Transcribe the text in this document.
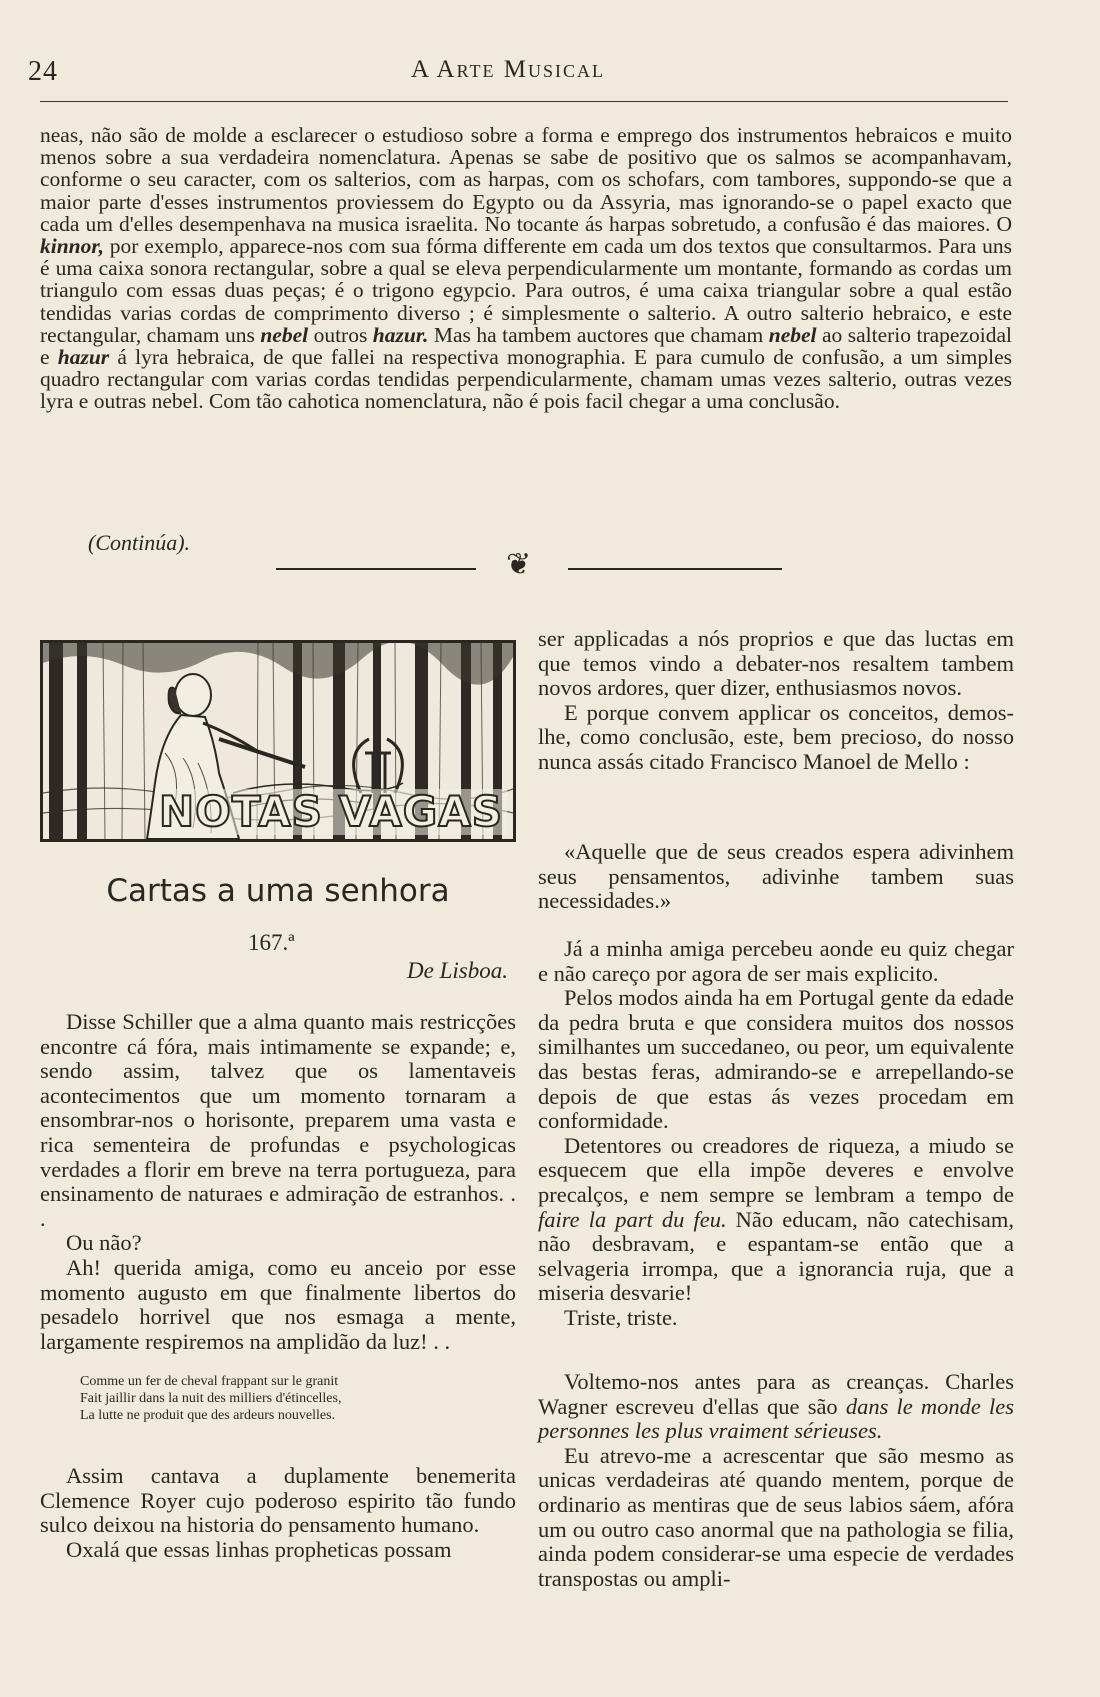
24	A Arte Musical

neas, não são de molde a esclarecer o estudioso sobre a forma e emprego dos instrumentos hebraicos e muito menos sobre a sua verdadeira nomenclatura. Apenas se sabe de positivo que os salmos se acompanhavam, conforme o seu caracter, com os salterios, com as harpas, com os schofars, com tambores, suppondo-se que a maior parte d'esses instrumentos proviessem do Egypto ou da Assyria, mas ignorando-se o papel exacto que cada um d'elles desempenhava na musica israelita. No tocante ás harpas sobretudo, a confusão é das maiores. O kinnor, por exemplo, apparece-nos com sua fórma differente em cada um dos textos que consultarmos. Para uns é uma caixa sonora rectangular, sobre a qual se eleva perpendicularmente um montante, formando as cordas um triangulo com essas duas peças; é o trigono egypcio. Para outros, é uma caixa triangular sobre a qual estão tendidas varias cordas de comprimento diverso ; é simplesmente o salterio. A outro salterio hebraico, e este rectangular, chamam uns nebel outros hazur. Mas ha tambem auctores que chamam nebel ao salterio trapezoidal e hazur á lyra hebraica, de que fallei na respectiva monographia. E para cumulo de confusão, a um simples quadro rectangular com varias cordas tendidas perpendicularmente, chamam umas vezes salterio, outras vezes lyra e outras nebel. Com tão cahotica nomenclatura, não é pois facil chegar a uma conclusão.

(Continúa).
❦
NOTAS VAGAS
Cartas a uma senhora
167.ª
De Lisboa.

Disse Schiller que a alma quanto mais restricções encontre cá fóra, mais intimamente se expande; e, sendo assim, talvez que os lamentaveis acontecimentos que um momento tornaram a ensombrar-nos o horisonte, preparem uma vasta e rica sementeira de profundas e psychologicas verdades a florir em breve na terra portugueza, para ensinamento de naturaes e admiração de estranhos. . .

Ou não?

Ah! querida amiga, como eu anceio por esse momento augusto em que finalmente libertos do pesadelo horrivel que nos esmaga a mente, largamente respiremos na amplidão da luz! . .

Comme un fer de cheval frappant sur le granit
Fait jaillir dans la nuit des milliers d'étincelles,
La lutte ne produit que des ardeurs nouvelles.

Assim cantava a duplamente benemerita Clemence Royer cujo poderoso espirito tão fundo sulco deixou na historia do pensamento humano.

Oxalá que essas linhas propheticas possam

ser applicadas a nós proprios e que das luctas em que temos vindo a debater-nos resaltem tambem novos ardores, quer dizer, enthusiasmos novos.

E porque convem applicar os conceitos, demos-lhe, como conclusão, este, bem precioso, do nosso nunca assás citado Francisco Manoel de Mello :

«Aquelle que de seus creados espera adivinhem seus pensamentos, adivinhe tambem suas necessidades.»

Já a minha amiga percebeu aonde eu quiz chegar e não careço por agora de ser mais explicito.

Pelos modos ainda ha em Portugal gente da edade da pedra bruta e que considera muitos dos nossos similhantes um succedaneo, ou peor, um equivalente das bestas feras, admirando-se e arrepellando-se depois de que estas ás vezes procedam em conformidade.

Detentores ou creadores de riqueza, a miudo se esquecem que ella impõe deveres e envolve precalços, e nem sempre se lembram a tempo de faire la part du feu. Não educam, não catechisam, não desbravam, e espantam-se então que a selvageria irrompa, que a ignorancia ruja, que a miseria desvarie!

Triste, triste.

Voltemo-nos antes para as creanças. Charles Wagner escreveu d'ellas que são dans le monde les personnes les plus vraiment sérieuses.

Eu atrevo-me a acrescentar que são mesmo as unicas verdadeiras até quando mentem, porque de ordinario as mentiras que de seus labios sáem, afóra um ou outro caso anormal que na pathologia se filia, ainda podem considerar-se uma especie de verdades transpostas ou ampli-
